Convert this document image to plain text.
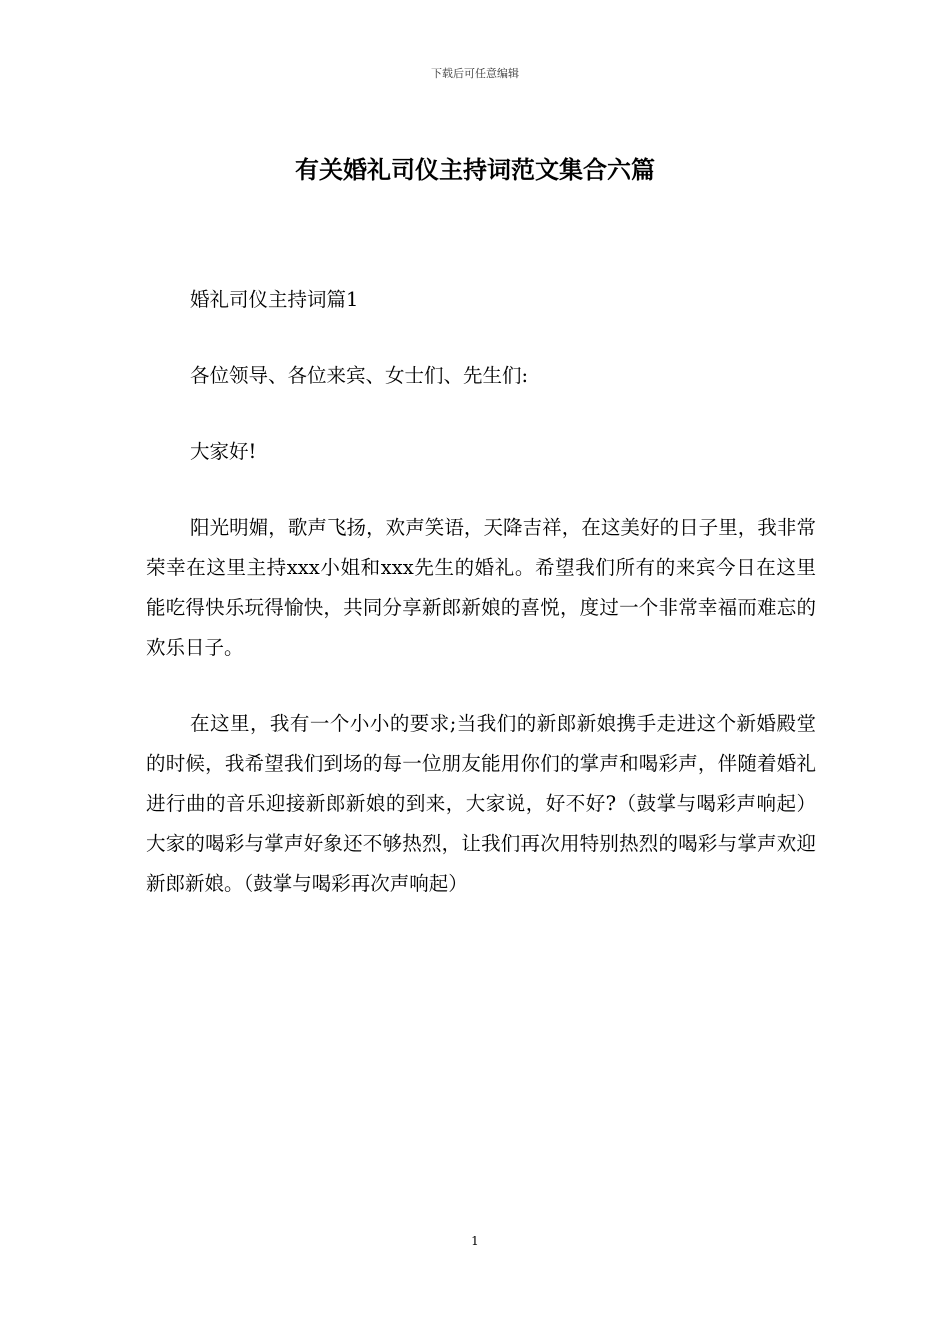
下载后可任意编辑
有关婚礼司仪主持词范文集合六篇

婚礼司仪主持词篇1

各位领导、各位来宾、女士们、先生们:

大家好!

阳光明媚，歌声飞扬，欢声笑语，天降吉祥，在这美好的日子里，我非常荣幸在这里主持xxx小姐和xxx先生的婚礼。希望我们所有的来宾今日在这里能吃得快乐玩得愉快，共同分享新郎新娘的喜悦，度过一个非常幸福而难忘的欢乐日子。

在这里，我有一个小小的要求;当我们的新郎新娘携手走进这个新婚殿堂的时候，我希望我们到场的每一位朋友能用你们的掌声和喝彩声，伴随着婚礼进行曲的音乐迎接新郎新娘的到来，大家说，好不好?（鼓掌与喝彩声响起）大家的喝彩与掌声好象还不够热烈，让我们再次用特别热烈的喝彩与掌声欢迎新郎新娘。（鼓掌与喝彩再次声响起）

1
